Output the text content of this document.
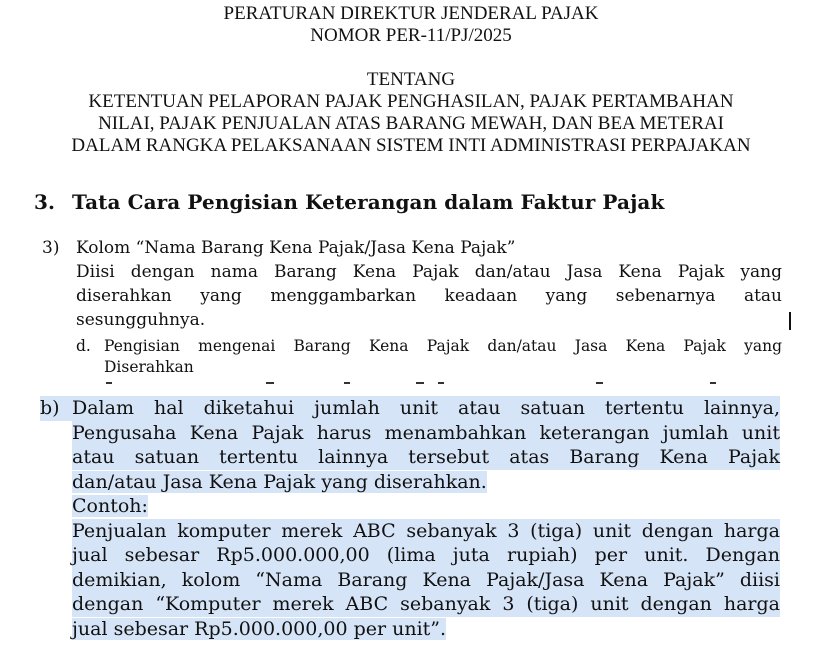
PERATURAN DIREKTUR JENDERAL PAJAK
NOMOR PER-11/PJ/2025
TENTANG
KETENTUAN PELAPORAN PAJAK PENGHASILAN, PAJAK PERTAMBAHAN
NILAI, PAJAK PENJUALAN ATAS BARANG MEWAH, DAN BEA METERAI
DALAM RANGKA PELAKSANAAN SISTEM INTI ADMINISTRASI PERPAJAKAN
3. Tata Cara Pengisian Keterangan dalam Faktur Pajak
3) Kolom “Nama Barang Kena Pajak/Jasa Kena Pajak”
Diisi dengan nama Barang Kena Pajak dan/atau Jasa Kena Pajak yang
diserahkan yang menggambarkan keadaan yang sebenarnya atau
sesungguhnya.
d. Pengisian mengenai Barang Kena Pajak dan/atau Jasa Kena Pajak yang
Diserahkan
b) Dalam hal diketahui jumlah unit atau satuan tertentu lainnya,
Pengusaha Kena Pajak harus menambahkan keterangan jumlah unit
atau satuan tertentu lainnya tersebut atas Barang Kena Pajak
dan/atau Jasa Kena Pajak yang diserahkan.
Contoh:
Penjualan komputer merek ABC sebanyak 3 (tiga) unit dengan harga
jual sebesar Rp5.000.000,00 (lima juta rupiah) per unit. Dengan
demikian, kolom “Nama Barang Kena Pajak/Jasa Kena Pajak” diisi
dengan “Komputer merek ABC sebanyak 3 (tiga) unit dengan harga
jual sebesar Rp5.000.000,00 per unit”.
